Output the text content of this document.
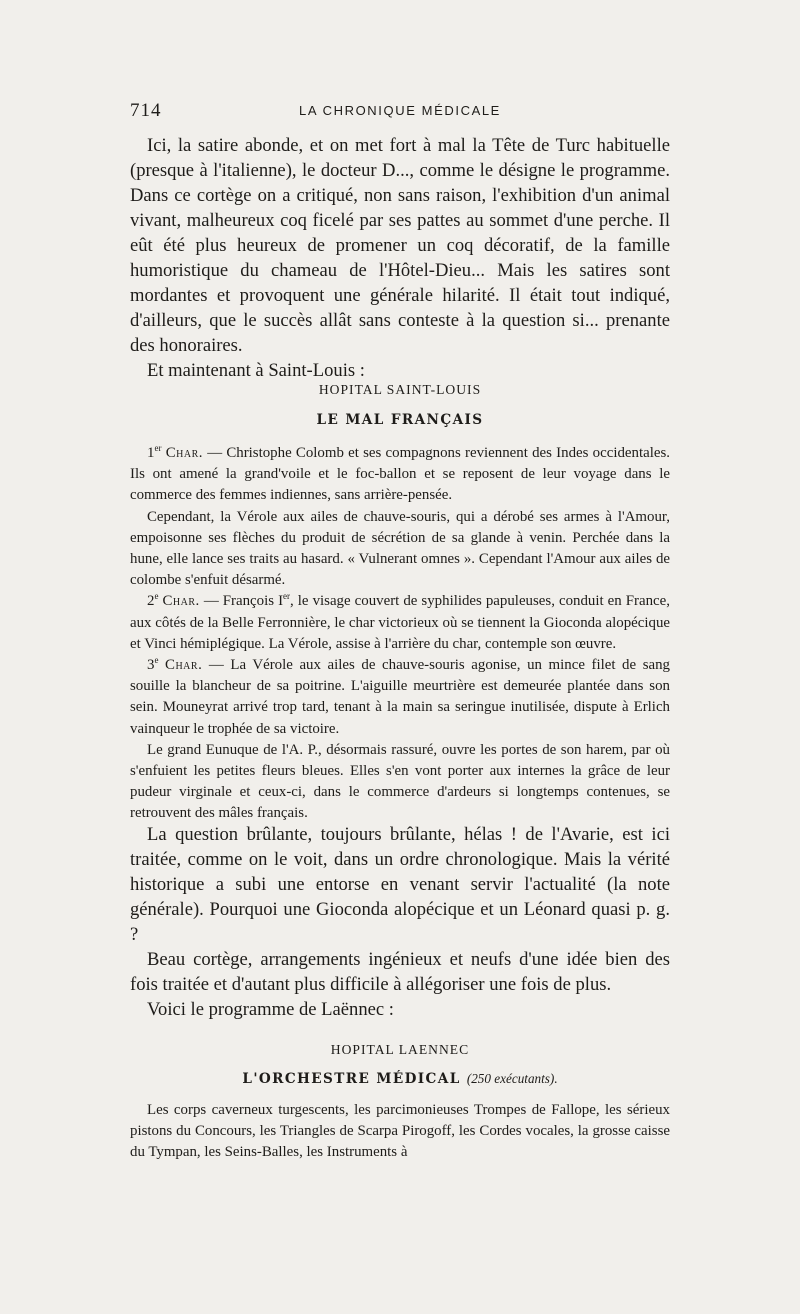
714	LA CHRONIQUE MÉDICALE

Ici, la satire abonde, et on met fort à mal la Tête de Turc habituelle (presque à l'italienne), le docteur D..., comme le désigne le programme. Dans ce cortège on a critiqué, non sans raison, l'exhibition d'un animal vivant, malheureux coq ficelé par ses pattes au sommet d'une perche. Il eût été plus heureux de promener un coq décoratif, de la famille humoristique du chameau de l'Hôtel-Dieu... Mais les satires sont mordantes et provoquent une générale hilarité. Il était tout indiqué, d'ailleurs, que le succès allât sans conteste à la question si... prenante des honoraires.

Et maintenant à Saint-Louis :

HOPITAL SAINT-LOUIS
LE MAL FRANÇAIS

1er Char. — Christophe Colomb et ses compagnons reviennent des Indes occidentales. Ils ont amené la grand'voile et le foc-ballon et se reposent de leur voyage dans le commerce des femmes indiennes, sans arrière-pensée.

Cependant, la Vérole aux ailes de chauve-souris, qui a dérobé ses armes à l'Amour, empoisonne ses flèches du produit de sécrétion de sa glande à venin. Perchée dans la hune, elle lance ses traits au hasard. « Vulnerant omnes ». Cependant l'Amour aux ailes de colombe s'enfuit désarmé.

2e Char. — François Ier, le visage couvert de syphilides papuleuses, conduit en France, aux côtés de la Belle Ferronnière, le char victorieux où se tiennent la Gioconda alopécique et Vinci hémiplégique. La Vérole, assise à l'arrière du char, contemple son œuvre.

3e Char. — La Vérole aux ailes de chauve-souris agonise, un mince filet de sang souille la blancheur de sa poitrine. L'aiguille meurtrière est demeurée plantée dans son sein. Mouneyrat arrivé trop tard, tenant à la main sa seringue inutilisée, dispute à Erlich vainqueur le trophée de sa victoire.

Le grand Eunuque de l'A. P., désormais rassuré, ouvre les portes de son harem, par où s'enfuient les petites fleurs bleues. Elles s'en vont porter aux internes la grâce de leur pudeur virginale et ceux-ci, dans le commerce d'ardeurs si longtemps contenues, se retrouvent des mâles français.

La question brûlante, toujours brûlante, hélas ! de l'Avarie, est ici traitée, comme on le voit, dans un ordre chronologique. Mais la vérité historique a subi une entorse en venant servir l'actualité (la note générale). Pourquoi une Gioconda alopécique et un Léonard quasi p. g. ?

Beau cortège, arrangements ingénieux et neufs d'une idée bien des fois traitée et d'autant plus difficile à allégoriser une fois de plus.

Voici le programme de Laënnec :

HOPITAL LAENNEC
L'ORCHESTRE MÉDICAL (250 exécutants).

Les corps caverneux turgescents, les parcimonieuses Trompes de Fallope, les sérieux pistons du Concours, les Triangles de Scarpa Pirogoff, les Cordes vocales, la grosse caisse du Tympan, les Seins-Balles, les Instruments à
